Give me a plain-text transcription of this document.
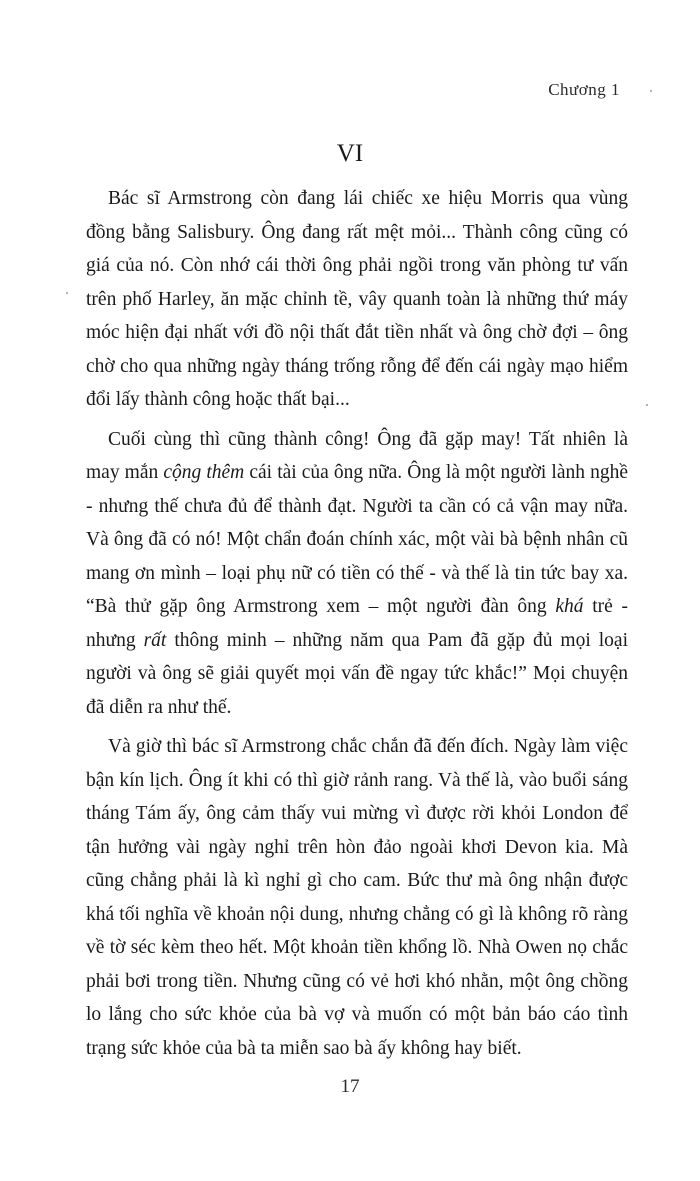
Chương 1
VI

Bác sĩ Armstrong còn đang lái chiếc xe hiệu Morris qua vùng đồng bằng Salisbury. Ông đang rất mệt mỏi... Thành công cũng có giá của nó. Còn nhớ cái thời ông phải ngồi trong văn phòng tư vấn trên phố Harley, ăn mặc chỉnh tề, vây quanh toàn là những thứ máy móc hiện đại nhất với đồ nội thất đắt tiền nhất và ông chờ đợi – ông chờ cho qua những ngày tháng trống rỗng để đến cái ngày mạo hiểm đổi lấy thành công hoặc thất bại...

Cuối cùng thì cũng thành công! Ông đã gặp may! Tất nhiên là may mắn cộng thêm cái tài của ông nữa. Ông là một người lành nghề - nhưng thế chưa đủ để thành đạt. Người ta cần có cả vận may nữa. Và ông đã có nó! Một chẩn đoán chính xác, một vài bà bệnh nhân cũ mang ơn mình – loại phụ nữ có tiền có thế - và thế là tin tức bay xa. “Bà thử gặp ông Armstrong xem – một người đàn ông khá trẻ - nhưng rất thông minh – những năm qua Pam đã gặp đủ mọi loại người và ông sẽ giải quyết mọi vấn đề ngay tức khắc!” Mọi chuyện đã diễn ra như thế.

Và giờ thì bác sĩ Armstrong chắc chắn đã đến đích. Ngày làm việc bận kín lịch. Ông ít khi có thì giờ rảnh rang. Và thế là, vào buổi sáng tháng Tám ấy, ông cảm thấy vui mừng vì được rời khỏi London để tận hưởng vài ngày nghỉ trên hòn đảo ngoài khơi Devon kia. Mà cũng chẳng phải là kì nghỉ gì cho cam. Bức thư mà ông nhận được khá tối nghĩa về khoản nội dung, nhưng chẳng có gì là không rõ ràng về tờ séc kèm theo hết. Một khoản tiền khổng lồ. Nhà Owen nọ chắc phải bơi trong tiền. Nhưng cũng có vẻ hơi khó nhằn, một ông chồng lo lắng cho sức khỏe của bà vợ và muốn có một bản báo cáo tình trạng sức khỏe của bà ta miễn sao bà ấy không hay biết.

17
